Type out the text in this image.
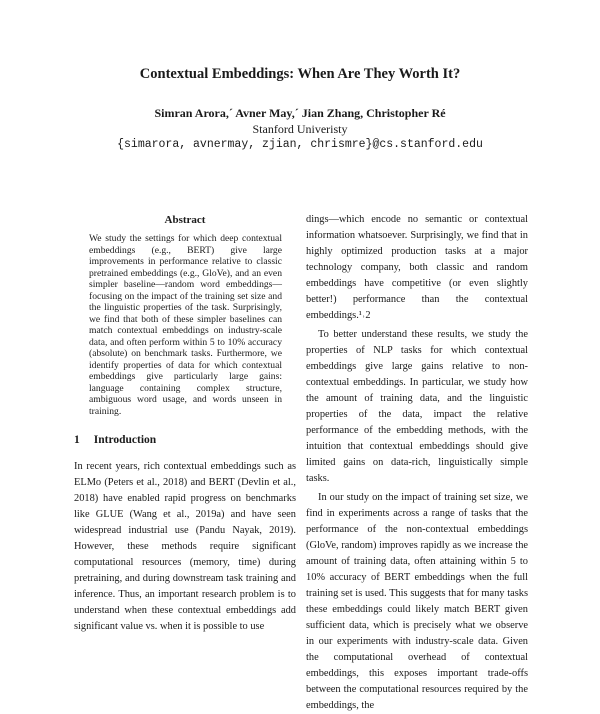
Contextual Embeddings: When Are They Worth It?
Simran Arora,´ Avner May,´ Jian Zhang, Christopher Ré
Stanford Univeristy
{simarora, avnermay, zjian, chrismre}@cs.stanford.edu
Abstract

We study the settings for which deep contextual embeddings (e.g., BERT) give large improvements in performance relative to classic pretrained embeddings (e.g., GloVe), and an even simpler baseline—random word embeddings—focusing on the impact of the training set size and the linguistic properties of the task. Surprisingly, we find that both of these simpler baselines can match contextual embeddings on industry-scale data, and often perform within 5 to 10% accuracy (absolute) on benchmark tasks. Furthermore, we identify properties of data for which contextual embeddings give particularly large gains: language containing complex structure, ambiguous word usage, and words unseen in training.

1 Introduction

In recent years, rich contextual embeddings such as ELMo (Peters et al., 2018) and BERT (Devlin et al., 2018) have enabled rapid progress on benchmarks like GLUE (Wang et al., 2019a) and have seen widespread industrial use (Pandu Nayak, 2019). However, these methods require significant computational resources (memory, time) during pretraining, and during downstream task training and inference. Thus, an important research problem is to understand when these contextual embeddings add significant value vs. when it is possible to use

dings—which encode no semantic or contextual information whatsoever. Surprisingly, we find that in highly optimized production tasks at a major technology company, both classic and random embeddings have competitive (or even slightly better!) performance than the contextual embeddings.¹˒2

To better understand these results, we study the properties of NLP tasks for which contextual embeddings give large gains relative to non-contextual embeddings. In particular, we study how the amount of training data, and the linguistic properties of the data, impact the relative performance of the embedding methods, with the intuition that contextual embeddings should give limited gains on data-rich, linguistically simple tasks.

In our study on the impact of training set size, we find in experiments across a range of tasks that the performance of the non-contextual embeddings (GloVe, random) improves rapidly as we increase the amount of training data, often attaining within 5 to 10% accuracy of BERT embeddings when the full training set is used. This suggests that for many tasks these embeddings could likely match BERT given sufficient data, which is precisely what we observe in our experiments with industry-scale data. Given the computational overhead of contextual embeddings, this exposes important trade-offs between the computational resources required by the embeddings, the
